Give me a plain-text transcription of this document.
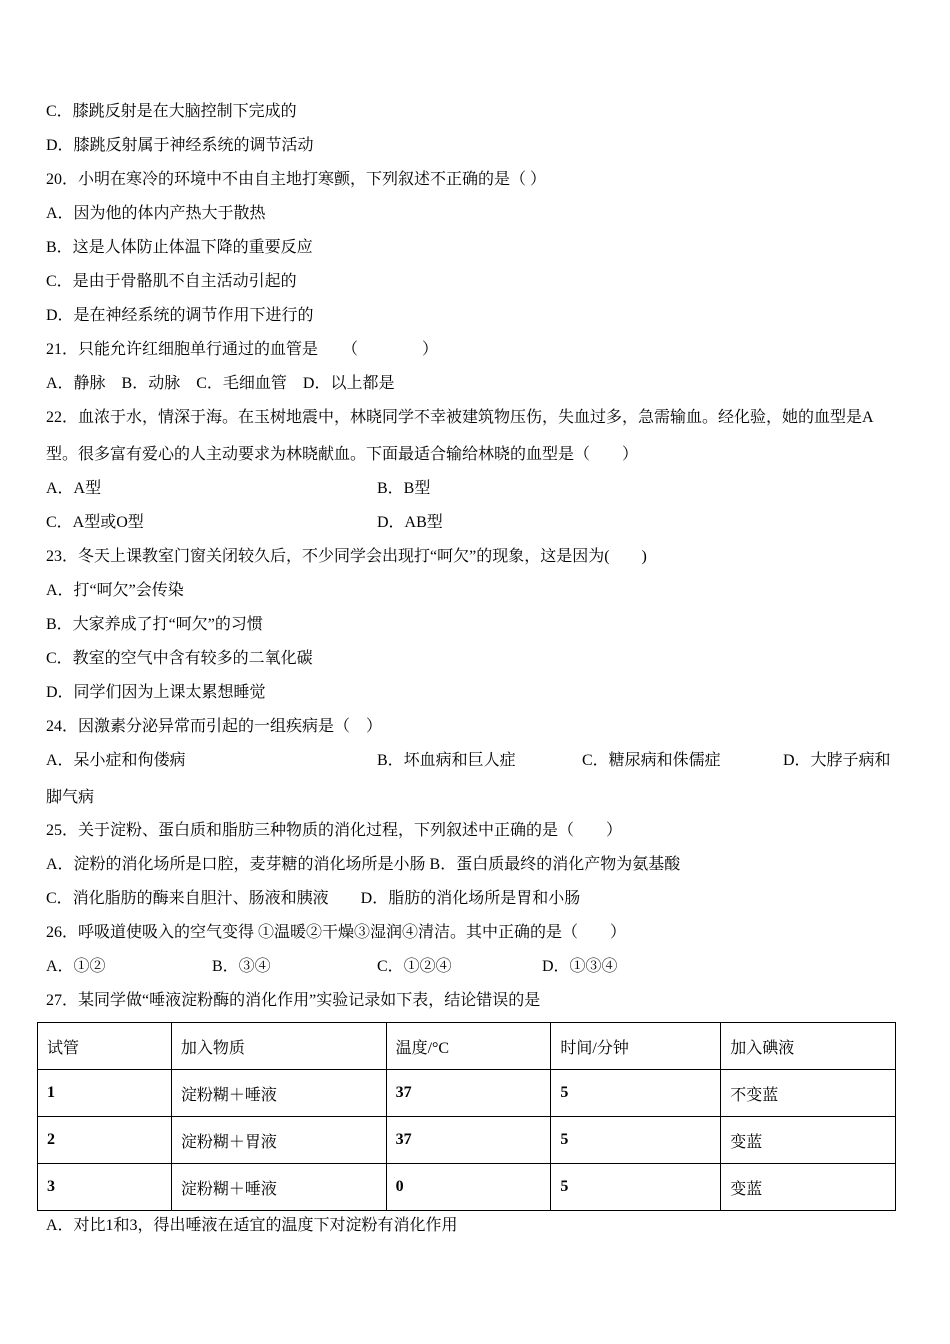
C．膝跳反射是在大脑控制下完成的
D．膝跳反射属于神经系统的调节活动
20．小明在寒冷的环境中不由自主地打寒颤，下列叙述不正确的是（ ）
A．因为他的体内产热大于散热
B．这是人体防止体温下降的重要反应
C．是由于骨骼肌不自主活动引起的
D．是在神经系统的调节作用下进行的
21．只能允许红细胞单行通过的血管是　　（　　　　）
A．静脉　B．动脉　C．毛细血管　D．以上都是
22．血浓于水，情深于海。在玉树地震中，林晓同学不幸被建筑物压伤，失血过多，急需输血。经化验，她的血型是A
型。很多富有爱心的人主动要求为林晓献血。下面最适合输给林晓的血型是（　　）
A．A型	B．B型
C．A型或O型	D．AB型
23．冬天上课教室门窗关闭较久后，不少同学会出现打“呵欠”的现象，这是因为(　　)
A．打“呵欠”会传染
B．大家养成了打“呵欠”的习惯
C．教室的空气中含有较多的二氧化碳
D．同学们因为上课太累想睡觉
24．因激素分泌异常而引起的一组疾病是（　）
A．呆小症和佝偻病	B．坏血病和巨人症	C．糖尿病和侏儒症	D．大脖子病和
脚气病
25．关于淀粉、蛋白质和脂肪三种物质的消化过程，下列叙述中正确的是（　　）
A．淀粉的消化场所是口腔，麦芽糖的消化场所是小肠 B．蛋白质最终的消化产物为氨基酸
C．消化脂肪的酶来自胆汁、肠液和胰液　　D．脂肪的消化场所是胃和小肠
26．呼吸道使吸入的空气变得 ①温暖②干燥③湿润④清洁。其中正确的是（　　）
A．①②	B．③④	C．①②④	D．①③④
27．某同学做“唾液淀粉酶的消化作用”实验记录如下表，结论错误的是
试管	加入物质	温度/°C	时间/分钟	加入碘液
1	淀粉糊＋唾液	37	5	不变蓝
2	淀粉糊＋胃液	37	5	变蓝
3	淀粉糊＋唾液	0	5	变蓝
A．对比1和3，得出唾液在适宜的温度下对淀粉有消化作用
